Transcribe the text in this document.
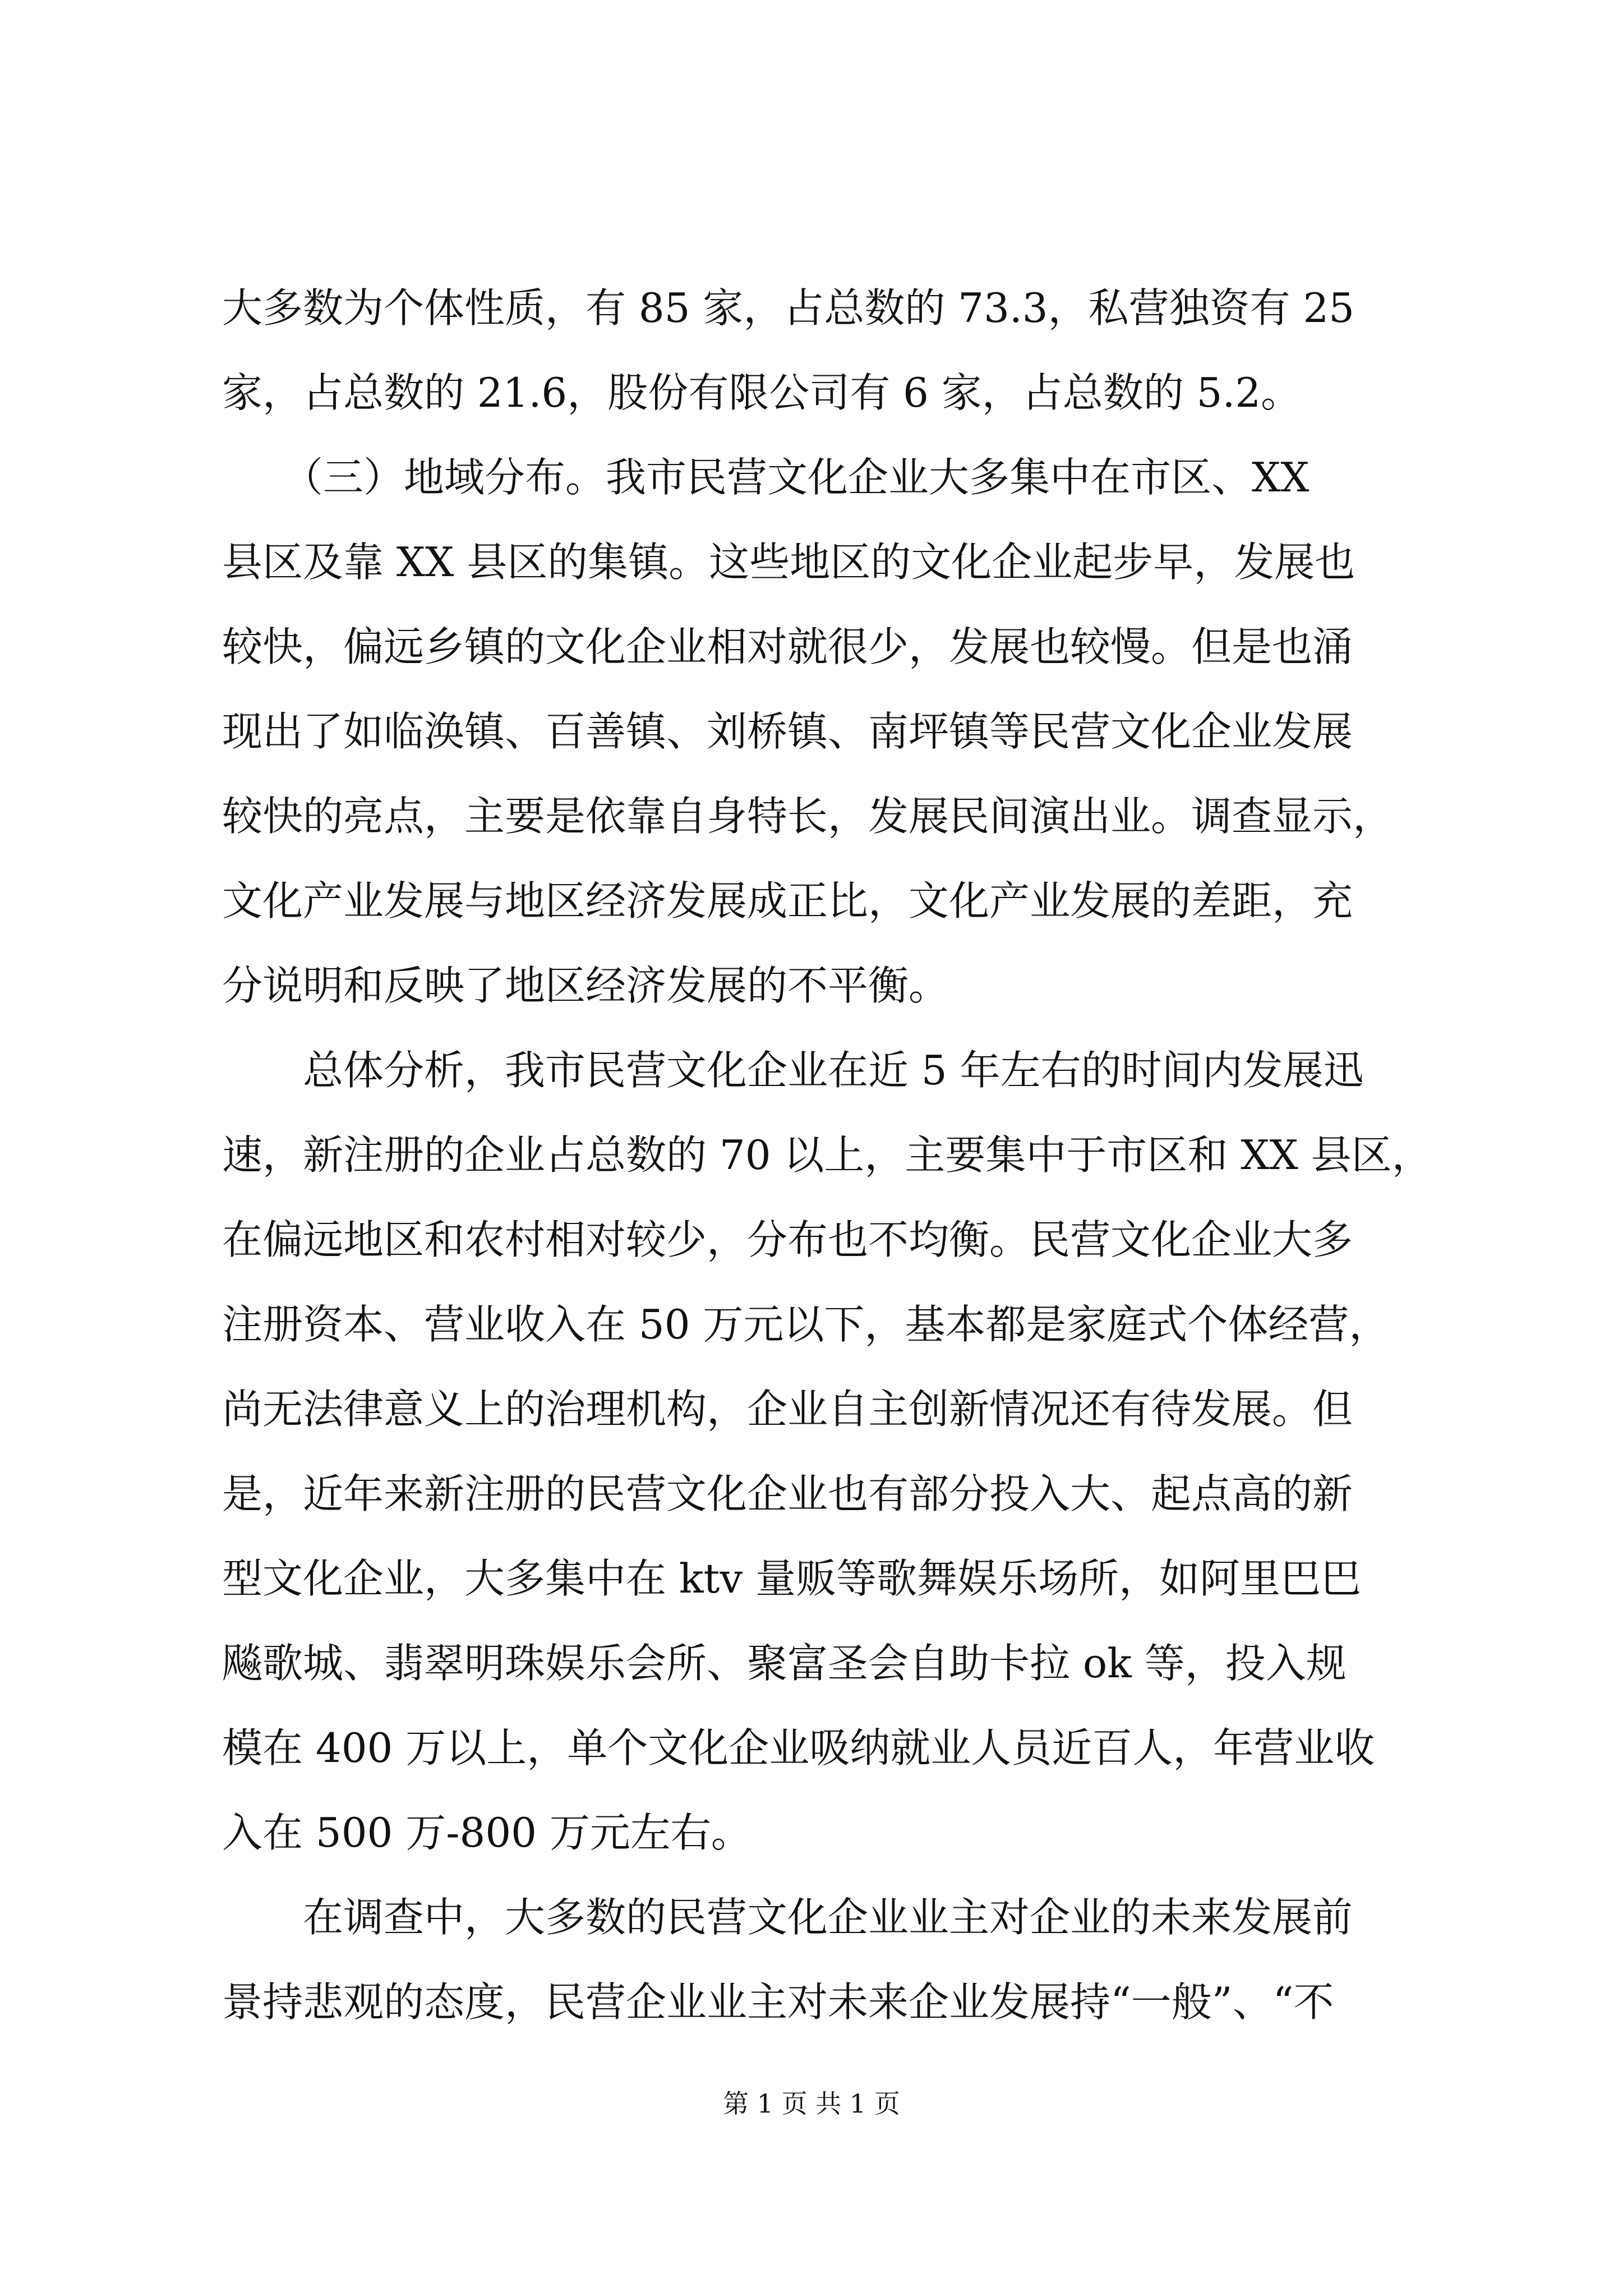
大多数为个体性质，有 85 家，占总数的 73.3，私营独资有 25

家，占总数的 21.6，股份有限公司有 6 家，占总数的 5.2。

　　（三）地域分布。我市民营文化企业大多集中在市区、XX

县区及靠 XX 县区的集镇。这些地区的文化企业起步早，发展也

较快，偏远乡镇的文化企业相对就很少，发展也较慢。但是也涌

现出了如临涣镇、百善镇、刘桥镇、南坪镇等民营文化企业发展

较快的亮点，主要是依靠自身特长，发展民间演出业。调查显示，

文化产业发展与地区经济发展成正比，文化产业发展的差距，充

分说明和反映了地区经济发展的不平衡。

　　总体分析，我市民营文化企业在近 5 年左右的时间内发展迅

速，新注册的企业占总数的 70 以上，主要集中于市区和 XX 县区，

在偏远地区和农村相对较少，分布也不均衡。民营文化企业大多

注册资本、营业收入在 50 万元以下，基本都是家庭式个体经营，

尚无法律意义上的治理机构，企业自主创新情况还有待发展。但

是，近年来新注册的民营文化企业也有部分投入大、起点高的新

型文化企业，大多集中在 ktv 量贩等歌舞娱乐场所，如阿里巴巴

飚歌城、翡翠明珠娱乐会所、聚富圣会自助卡拉 ok 等，投入规

模在 400 万以上，单个文化企业吸纳就业人员近百人，年营业收

入在 500 万-800 万元左右。

　　在调查中，大多数的民营文化企业业主对企业的未来发展前

景持悲观的态度，民营企业业主对未来企业发展持“一般”、“不

第 1 页 共 1 页
